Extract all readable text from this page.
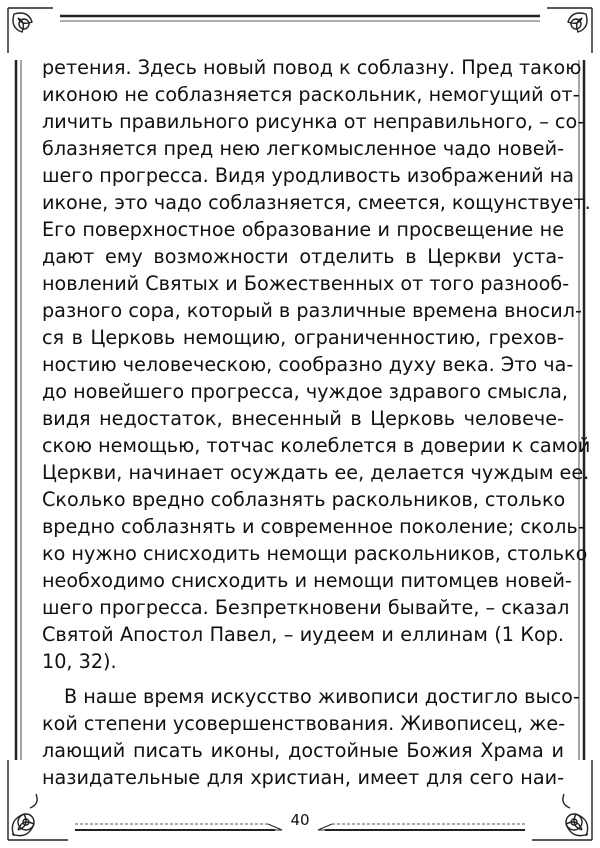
ретения. Здесь новый повод к соблазну. Пред такою
иконою не соблазняется раскольник, немогущий от-
личить правильного рисунка от неправильного, – со-
блазняется пред нею легкомысленное чадо новей-
шего прогресса. Видя уродливость изображений на
иконе, это чадо соблазняется, смеется, кощунствует.
Его поверхностное образование и просвещение не
дают ему возможности отделить в Церкви уста-
новлений Святых и Божественных от того разнооб-
разного сора, который в различные времена вносил-
ся в Церковь немощию, ограниченностию, грехов-
ностию человеческою, сообразно духу века. Это ча-
до новейшего прогресса, чуждое здравого смысла,
видя недостаток, внесенный в Церковь человече-
скою немощью, тотчас колеблется в доверии к самой
Церкви, начинает осуждать ее, делается чуждым ее.
Сколько вредно соблазнять раскольников, столько
вредно соблазнять и современное поколение; сколь-
ко нужно снисходить немощи раскольников, столько
необходимо снисходить и немощи питомцев новей-
шего прогресса. Безпреткновени бывайте, – сказал
Святой Апостол Павел, – иудеем и еллинам (1 Кор.
10, 32).
В наше время искусство живописи достигло высо-
кой степени усовершенствования. Живописец, же-
лающий писать иконы, достойные Божия Храма и
назидательные для христиан, имеет для сего наи-
40
